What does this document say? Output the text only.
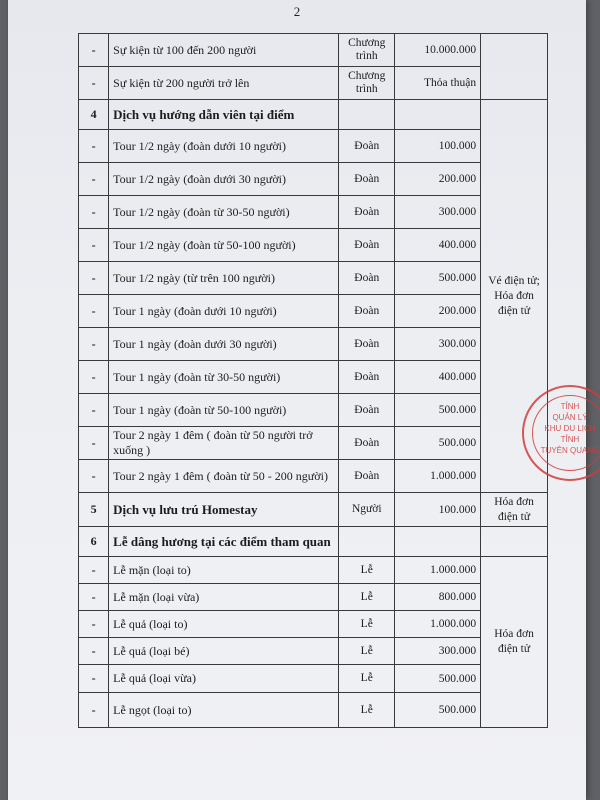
2
-	Sự kiện từ 100 đến 200 người	Chương trình	10.000.000	
-	Sự kiện từ 200 người trở lên	Chương trình	Thỏa thuận	
4	Dịch vụ hướng dẫn viên tại điểm			Vé điện tử; Hóa đơn điện tử
-	Tour 1/2 ngày (đoàn dưới 10 người)	Đoàn	100.000	
-	Tour 1/2 ngày (đoàn dưới 30 người)	Đoàn	200.000	
-	Tour 1/2 ngày (đoàn từ 30-50 người)	Đoàn	300.000	
-	Tour 1/2 ngày (đoàn từ 50-100 người)	Đoàn	400.000	
-	Tour 1/2 ngày (từ trên 100 người)	Đoàn	500.000	
-	Tour 1 ngày (đoàn dưới 10 người)	Đoàn	200.000	
-	Tour 1 ngày (đoàn dưới 30 người)	Đoàn	300.000	
-	Tour 1 ngày (đoàn từ 30-50 người)	Đoàn	400.000	
-	Tour 1 ngày (đoàn từ 50-100 người)	Đoàn	500.000	
-	Tour 2 ngày 1 đêm ( đoàn từ 50 người trở xuống )	Đoàn	500.000	
-	Tour 2 ngày 1 đêm ( đoàn từ 50 - 200 người)	Đoàn	1.000.000	
5	Dịch vụ lưu trú Homestay	Người	100.000	Hóa đơn điện tử
6	Lễ dâng hương tại các điểm tham quan			
-	Lễ mặn (loại to)	Lễ	1.000.000	Hóa đơn điện tử
-	Lễ mặn (loại vừa)	Lễ	800.000	
-	Lễ quả (loại to)	Lễ	1.000.000	
-	Lễ quả (loại bé)	Lễ	300.000	
-	Lễ quả (loại vừa)	Lễ	500.000	
-	Lễ ngọt (loại to)	Lễ	500.000	
TỈNH
QUẢN LÝ
KHU DU LỊCH
TỈNH
TUYÊN QUANG
